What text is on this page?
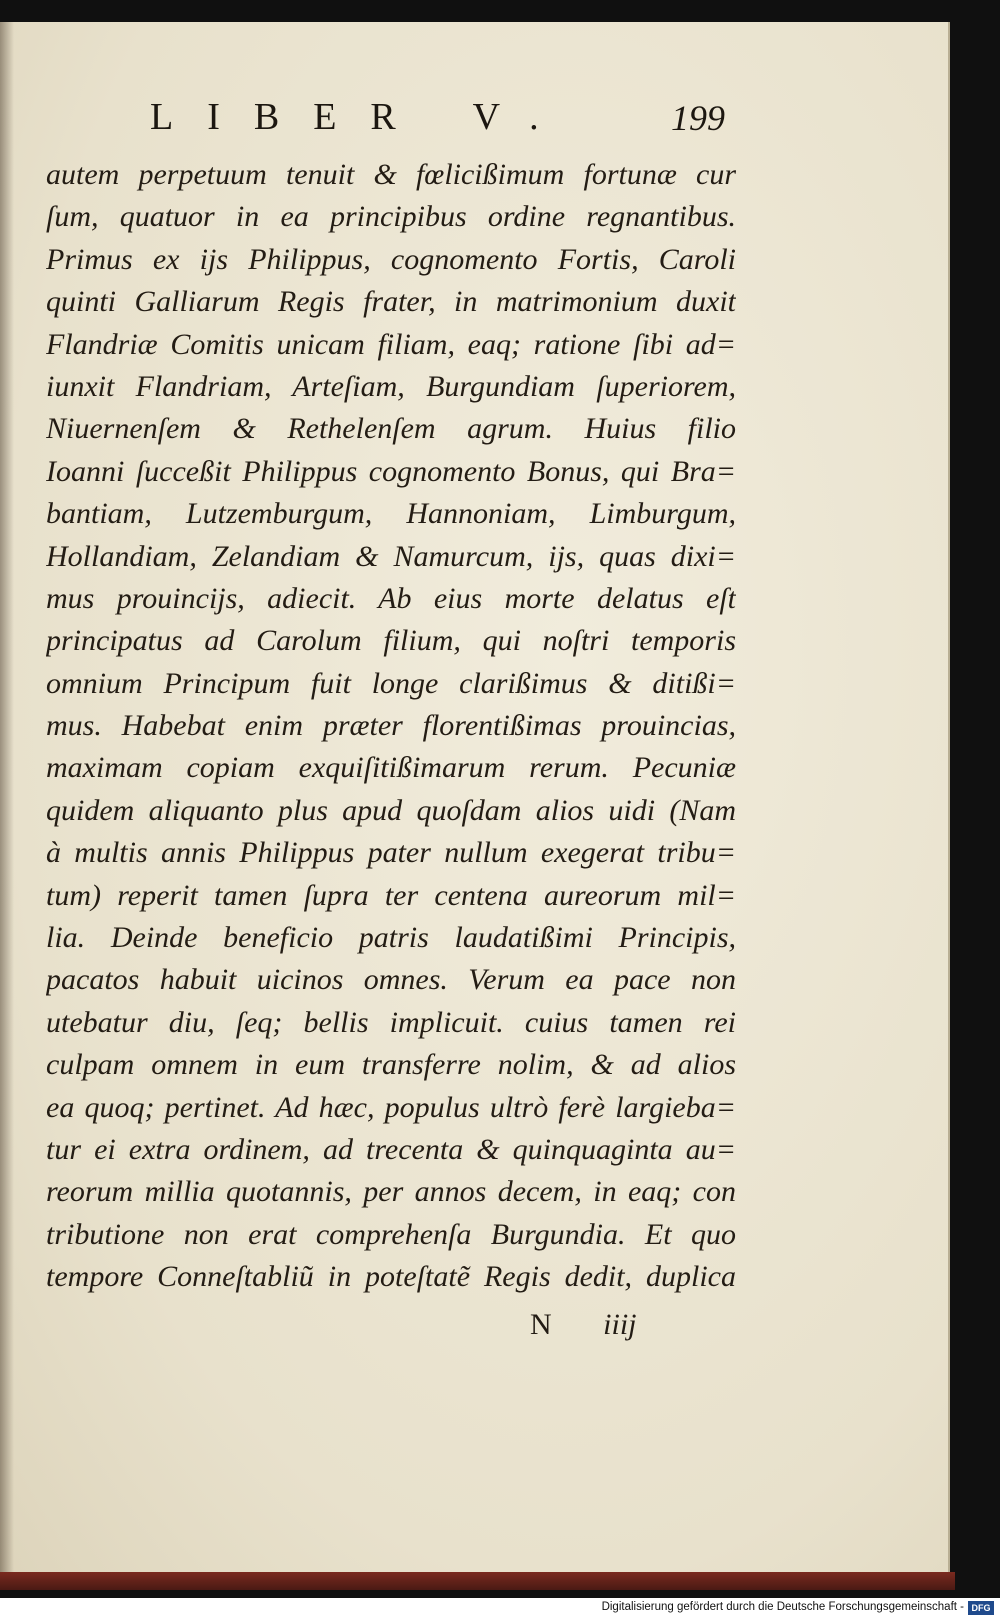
LIBER V.	199
autem perpetuum tenuit & fœlicißimum fortunæ cur
ſum, quatuor in ea principibus ordine regnantibus.
Primus ex ijs Philippus, cognomento Fortis, Caroli
quinti Galliarum Regis frater, in matrimonium duxit
Flandriæ Comitis unicam filiam, eaq; ratione ſibi ad=
iunxit Flandriam, Arteſiam, Burgundiam ſuperiorem,
Niuernenſem & Rethelenſem agrum. Huius filio
Ioanni ſucceßit Philippus cognomento Bonus, qui Bra=
bantiam, Lutzemburgum, Hannoniam, Limburgum,
Hollandiam, Zelandiam & Namurcum, ijs, quas dixi=
mus prouincijs, adiecit. Ab eius morte delatus eſt
principatus ad Carolum filium, qui noſtri temporis
omnium Principum fuit longe clarißimus & ditißi=
mus. Habebat enim præter florentißimas prouincias,
maximam copiam exquiſitißimarum rerum. Pecuniæ
quidem aliquanto plus apud quoſdam alios uidi (Nam
à multis annis Philippus pater nullum exegerat tribu=
tum) reperit tamen ſupra ter centena aureorum mil=
lia. Deinde beneficio patris laudatißimi Principis,
pacatos habuit uicinos omnes. Verum ea pace non
utebatur diu, ſeq; bellis implicuit. cuius tamen rei
culpam omnem in eum transferre nolim, & ad alios
ea quoq; pertinet. Ad hæc, populus ultrò ferè largieba=
tur ei extra ordinem, ad trecenta & quinquaginta au=
reorum millia quotannis, per annos decem, in eaq; con
tributione non erat comprehenſa Burgundia. Et quo
tempore Conneſtabliũ in poteſtatẽ Regis dedit, duplica
N iiij
Digitalisierung gefördert durch die Deutsche Forschungsgemeinschaft - DFG
